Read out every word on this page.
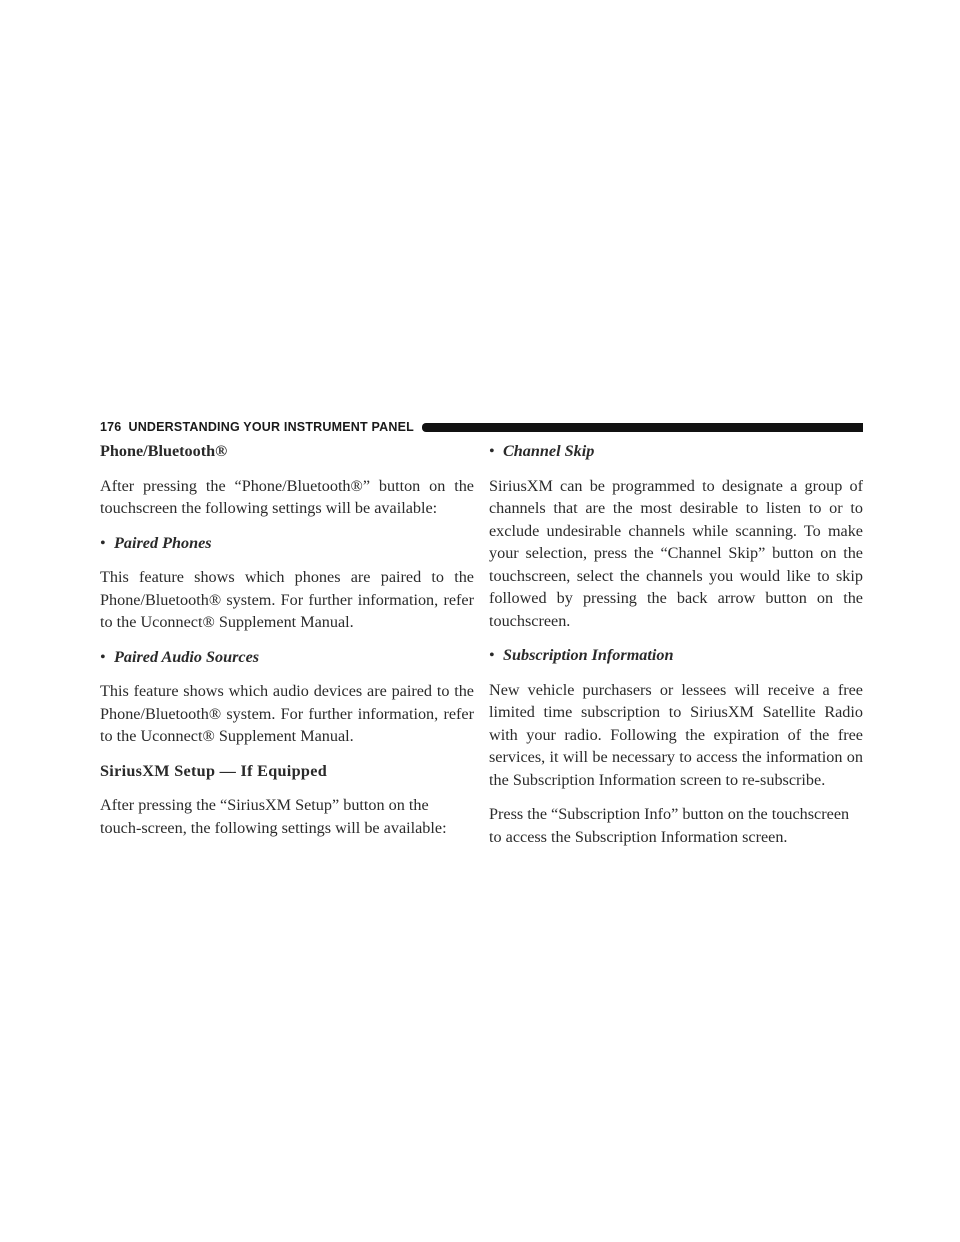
176 UNDERSTANDING YOUR INSTRUMENT PANEL
Phone/Bluetooth®

After pressing the “Phone/Bluetooth®” button on the touchscreen the following settings will be available:

• Paired Phones

This feature shows which phones are paired to the Phone/Bluetooth® system. For further information, refer to the Uconnect® Supplement Manual.

• Paired Audio Sources

This feature shows which audio devices are paired to the Phone/Bluetooth® system. For further information, refer to the Uconnect® Supplement Manual.

SiriusXM Setup — If Equipped

After pressing the “SiriusXM Setup” button on the touch-screen, the following settings will be available:

• Channel Skip

SiriusXM can be programmed to designate a group of channels that are the most desirable to listen to or to exclude undesirable channels while scanning. To make your selection, press the “Channel Skip” button on the touchscreen, select the channels you would like to skip followed by pressing the back arrow button on the touchscreen.

• Subscription Information

New vehicle purchasers or lessees will receive a free limited time subscription to SiriusXM Satellite Radio with your radio. Following the expiration of the free services, it will be necessary to access the information on the Subscription Information screen to re-subscribe.

Press the “Subscription Info” button on the touchscreen to access the Subscription Information screen.
